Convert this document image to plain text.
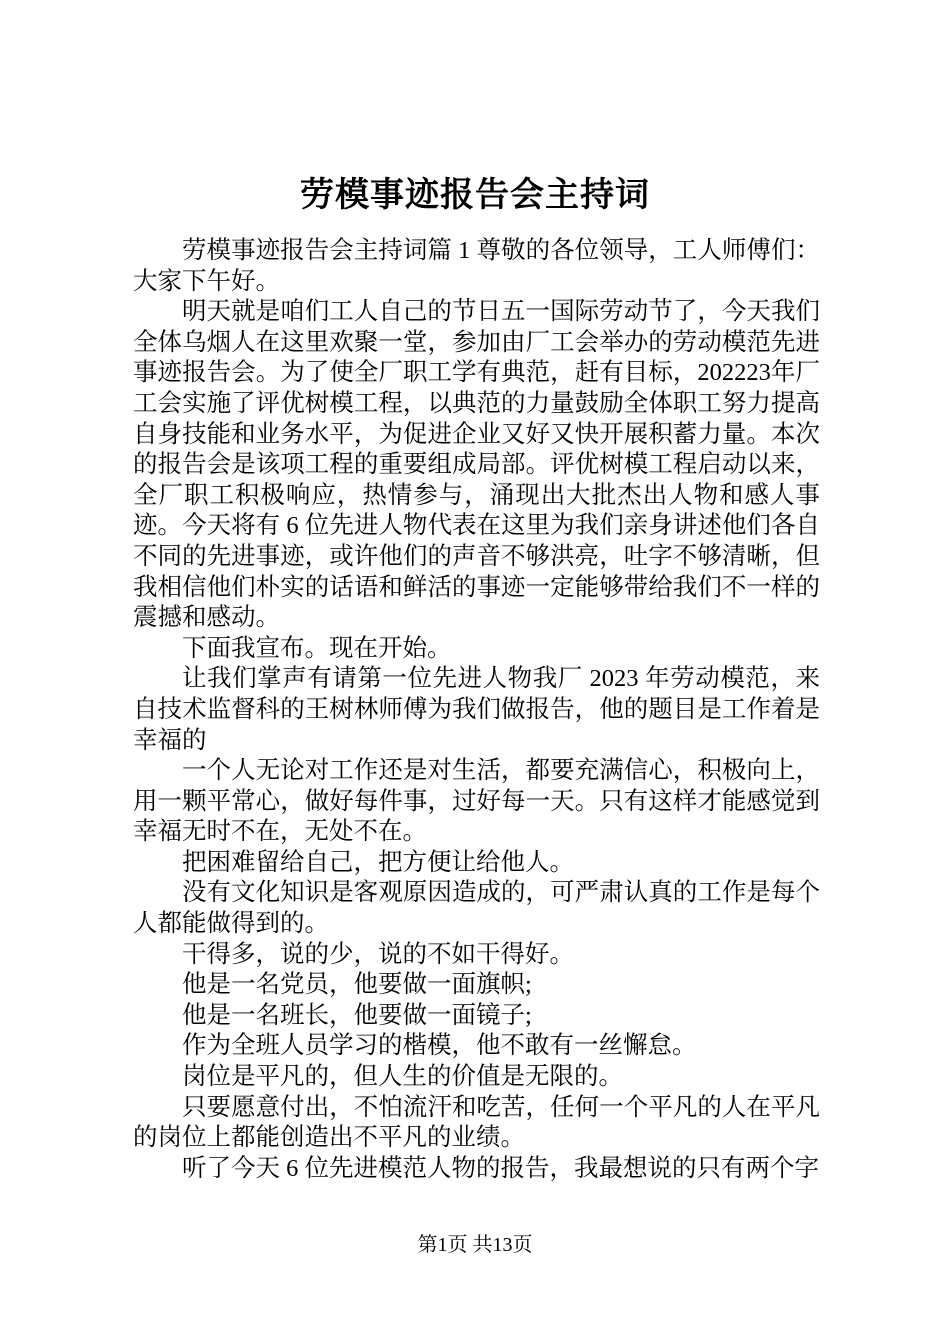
劳模事迹报告会主持词

劳模事迹报告会主持词篇 1 尊敬的各位领导，工人师傅们：大家下午好。

明天就是咱们工人自己的节日五一国际劳动节了，今天我们全体乌烟人在这里欢聚一堂，参加由厂工会举办的劳动模范先进事迹报告会。为了使全厂职工学有典范，赶有目标，202223年厂工会实施了评优树模工程，以典范的力量鼓励全体职工努力提高自身技能和业务水平，为促进企业又好又快开展积蓄力量。本次的报告会是该项工程的重要组成局部。评优树模工程启动以来，全厂职工积极响应，热情参与，涌现出大批杰出人物和感人事迹。今天将有 6 位先进人物代表在这里为我们亲身讲述他们各自不同的先进事迹，或许他们的声音不够洪亮，吐字不够清晰，但我相信他们朴实的话语和鲜活的事迹一定能够带给我们不一样的震撼和感动。

下面我宣布。现在开始。

让我们掌声有请第一位先进人物我厂 2023 年劳动模范，来自技术监督科的王树林师傅为我们做报告，他的题目是工作着是幸福的

一个人无论对工作还是对生活，都要充满信心，积极向上，用一颗平常心，做好每件事，过好每一天。只有这样才能感觉到幸福无时不在，无处不在。

把困难留给自己，把方便让给他人。

没有文化知识是客观原因造成的，可严肃认真的工作是每个人都能做得到的。

干得多，说的少，说的不如干得好。

他是一名党员，他要做一面旗帜;

他是一名班长，他要做一面镜子;

作为全班人员学习的楷模，他不敢有一丝懈怠。

岗位是平凡的，但人生的价值是无限的。

只要愿意付出，不怕流汗和吃苦，任何一个平凡的人在平凡的岗位上都能创造出不平凡的业绩。

听了今天 6 位先进模范人物的报告，我最想说的只有两个字

第1页 共13页
